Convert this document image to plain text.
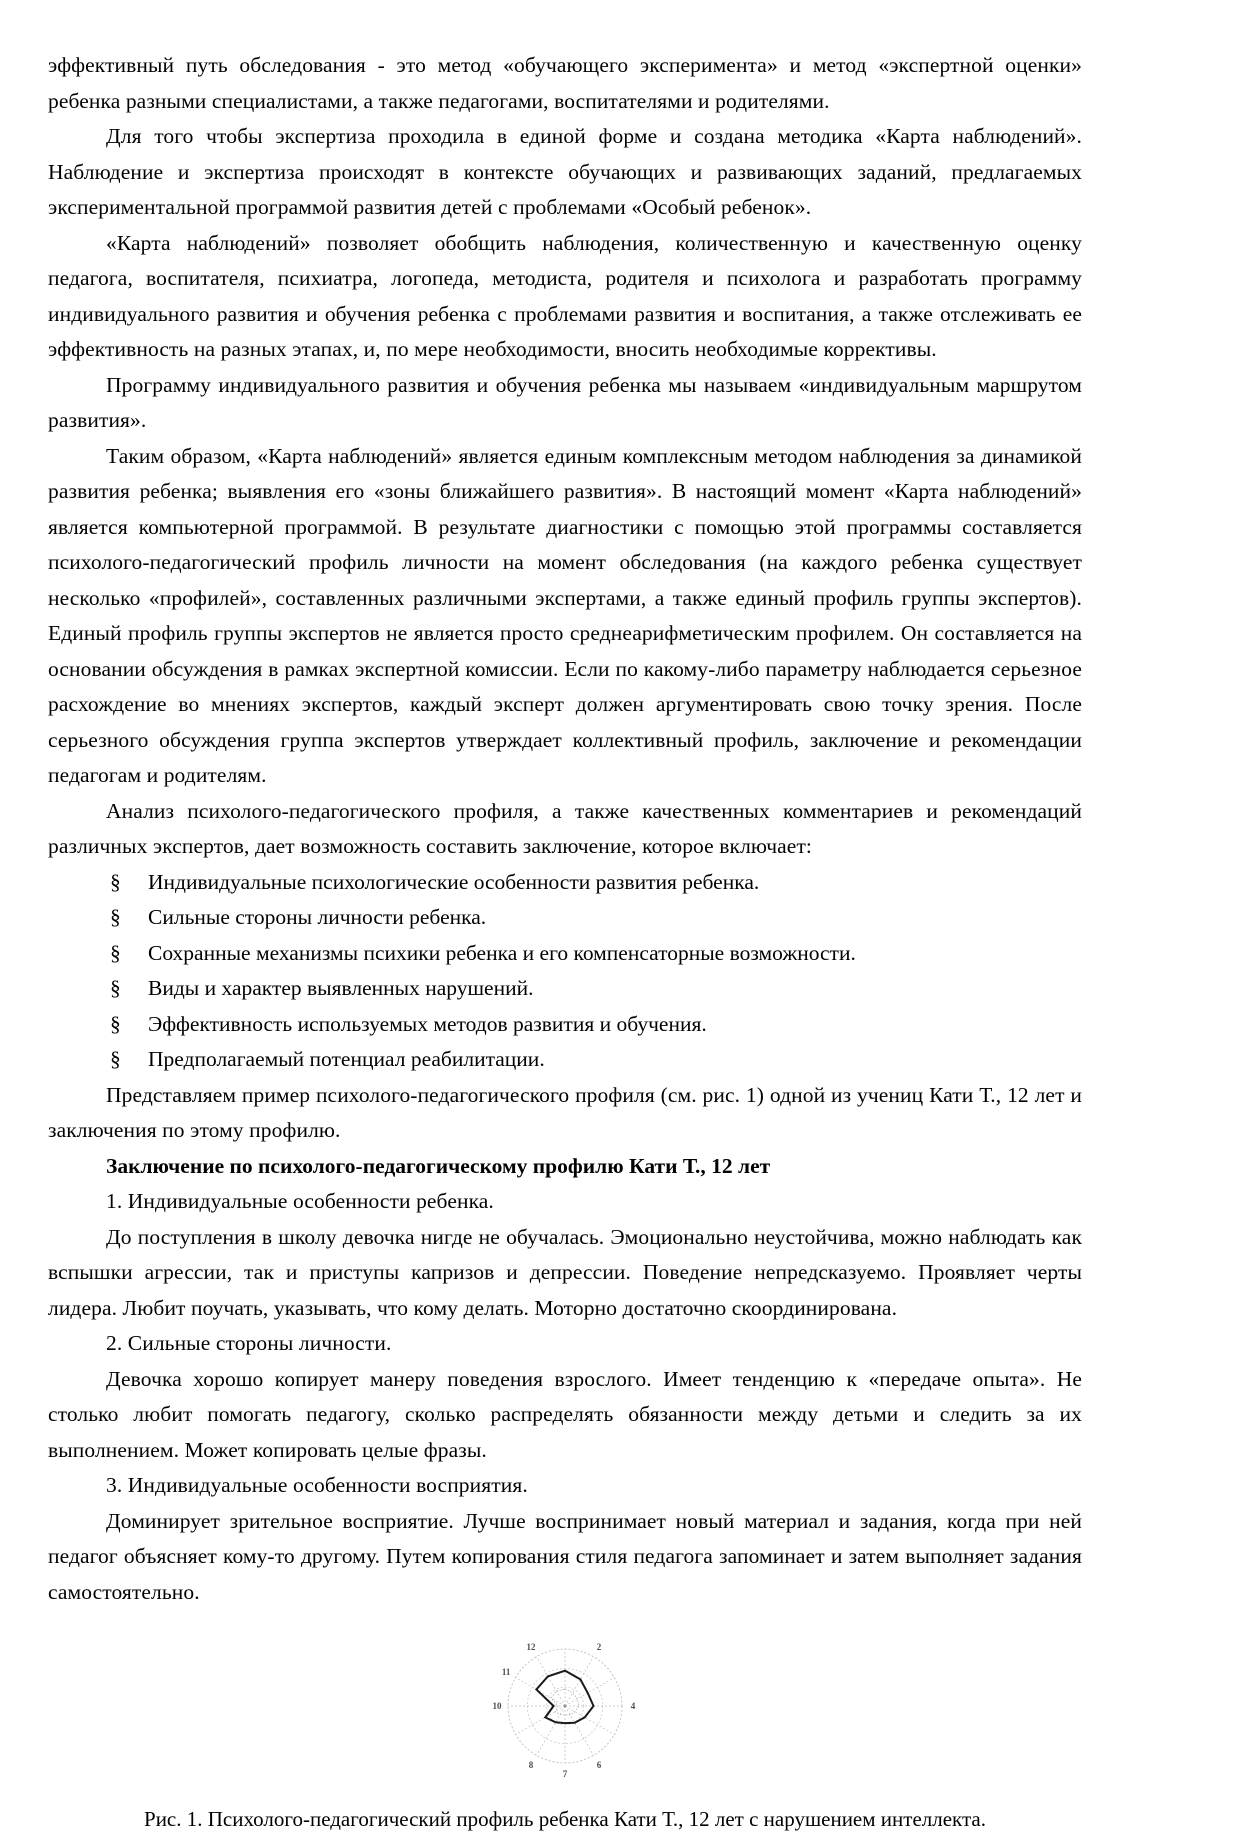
эффективный путь обследования - это метод «обучающего эксперимента» и метод «экспертной оценки» ребенка разными специалистами, а также педагогами, воспитателями и родителями.

Для того чтобы экспертиза проходила в единой форме и создана методика «Карта наблюдений». Наблюдение и экспертиза происходят в контексте обучающих и развивающих заданий, предлагаемых экспериментальной программой развития детей с проблемами «Особый ребенок».

«Карта наблюдений» позволяет обобщить наблюдения, количественную и качественную оценку педагога, воспитателя, психиатра, логопеда, методиста, родителя и психолога и разработать программу индивидуального развития и обучения ребенка с проблемами развития и воспитания, а также отслеживать ее эффективность на разных этапах, и, по мере необходимости, вносить необходимые коррективы.

Программу индивидуального развития и обучения ребенка мы называем «индивидуальным маршрутом развития».

Таким образом, «Карта наблюдений» является единым комплексным методом наблюдения за динамикой развития ребенка; выявления его «зоны ближайшего развития». В настоящий момент «Карта наблюдений» является компьютерной программой. В результате диагностики с помощью этой программы составляется психолого-педагогический профиль личности на момент обследования (на каждого ребенка существует несколько «профилей», составленных различными экспертами, а также единый профиль группы экспертов). Единый профиль группы экспертов не является просто среднеарифметическим профилем. Он составляется на основании обсуждения в рамках экспертной комиссии. Если по какому-либо параметру наблюдается серьезное расхождение во мнениях экспертов, каждый эксперт должен аргументировать свою точку зрения. После серьезного обсуждения группа экспертов утверждает коллективный профиль, заключение и рекомендации педагогам и родителям.

Анализ психолого-педагогического профиля, а также качественных комментариев и рекомендаций различных экспертов, дает возможность составить заключение, которое включает:

§ Индивидуальные психологические особенности развития ребенка.
§ Сильные стороны личности ребенка.
§ Сохранные механизмы психики ребенка и его компенсаторные возможности.
§ Виды и характер выявленных нарушений.
§ Эффективность используемых методов развития и обучения.
§ Предполагаемый потенциал реабилитации.

Представляем пример психолого-педагогического профиля (см. рис. 1) одной из учениц Кати Т., 12 лет и заключения по этому профилю.

Заключение по психолого-педагогическому профилю Кати Т., 12 лет

1. Индивидуальные особенности ребенка.

До поступления в школу девочка нигде не обучалась. Эмоционально неустойчива, можно наблюдать как вспышки агрессии, так и приступы капризов и депрессии. Поведение непредсказуемо. Проявляет черты лидера. Любит поучать, указывать, что кому делать. Моторно достаточно скоординирована.

2. Сильные стороны личности.

Девочка хорошо копирует манеру поведения взрослого. Имеет тенденцию к «передаче опыта». Не столько любит помогать педагогу, сколько распределять обязанности между детьми и следить за их выполнением. Может копировать целые фразы.

3. Индивидуальные особенности восприятия.

Доминирует зрительное восприятие. Лучше воспринимает новый материал и задания, когда при ней педагог объясняет кому-то другому. Путем копирования стиля педагога запоминает и затем выполняет задания самостоятельно.

2
4
6
7
8
10
11
12
Рис. 1. Психолого-педагогический профиль ребенка Кати Т., 12 лет с нарушением интеллекта.
